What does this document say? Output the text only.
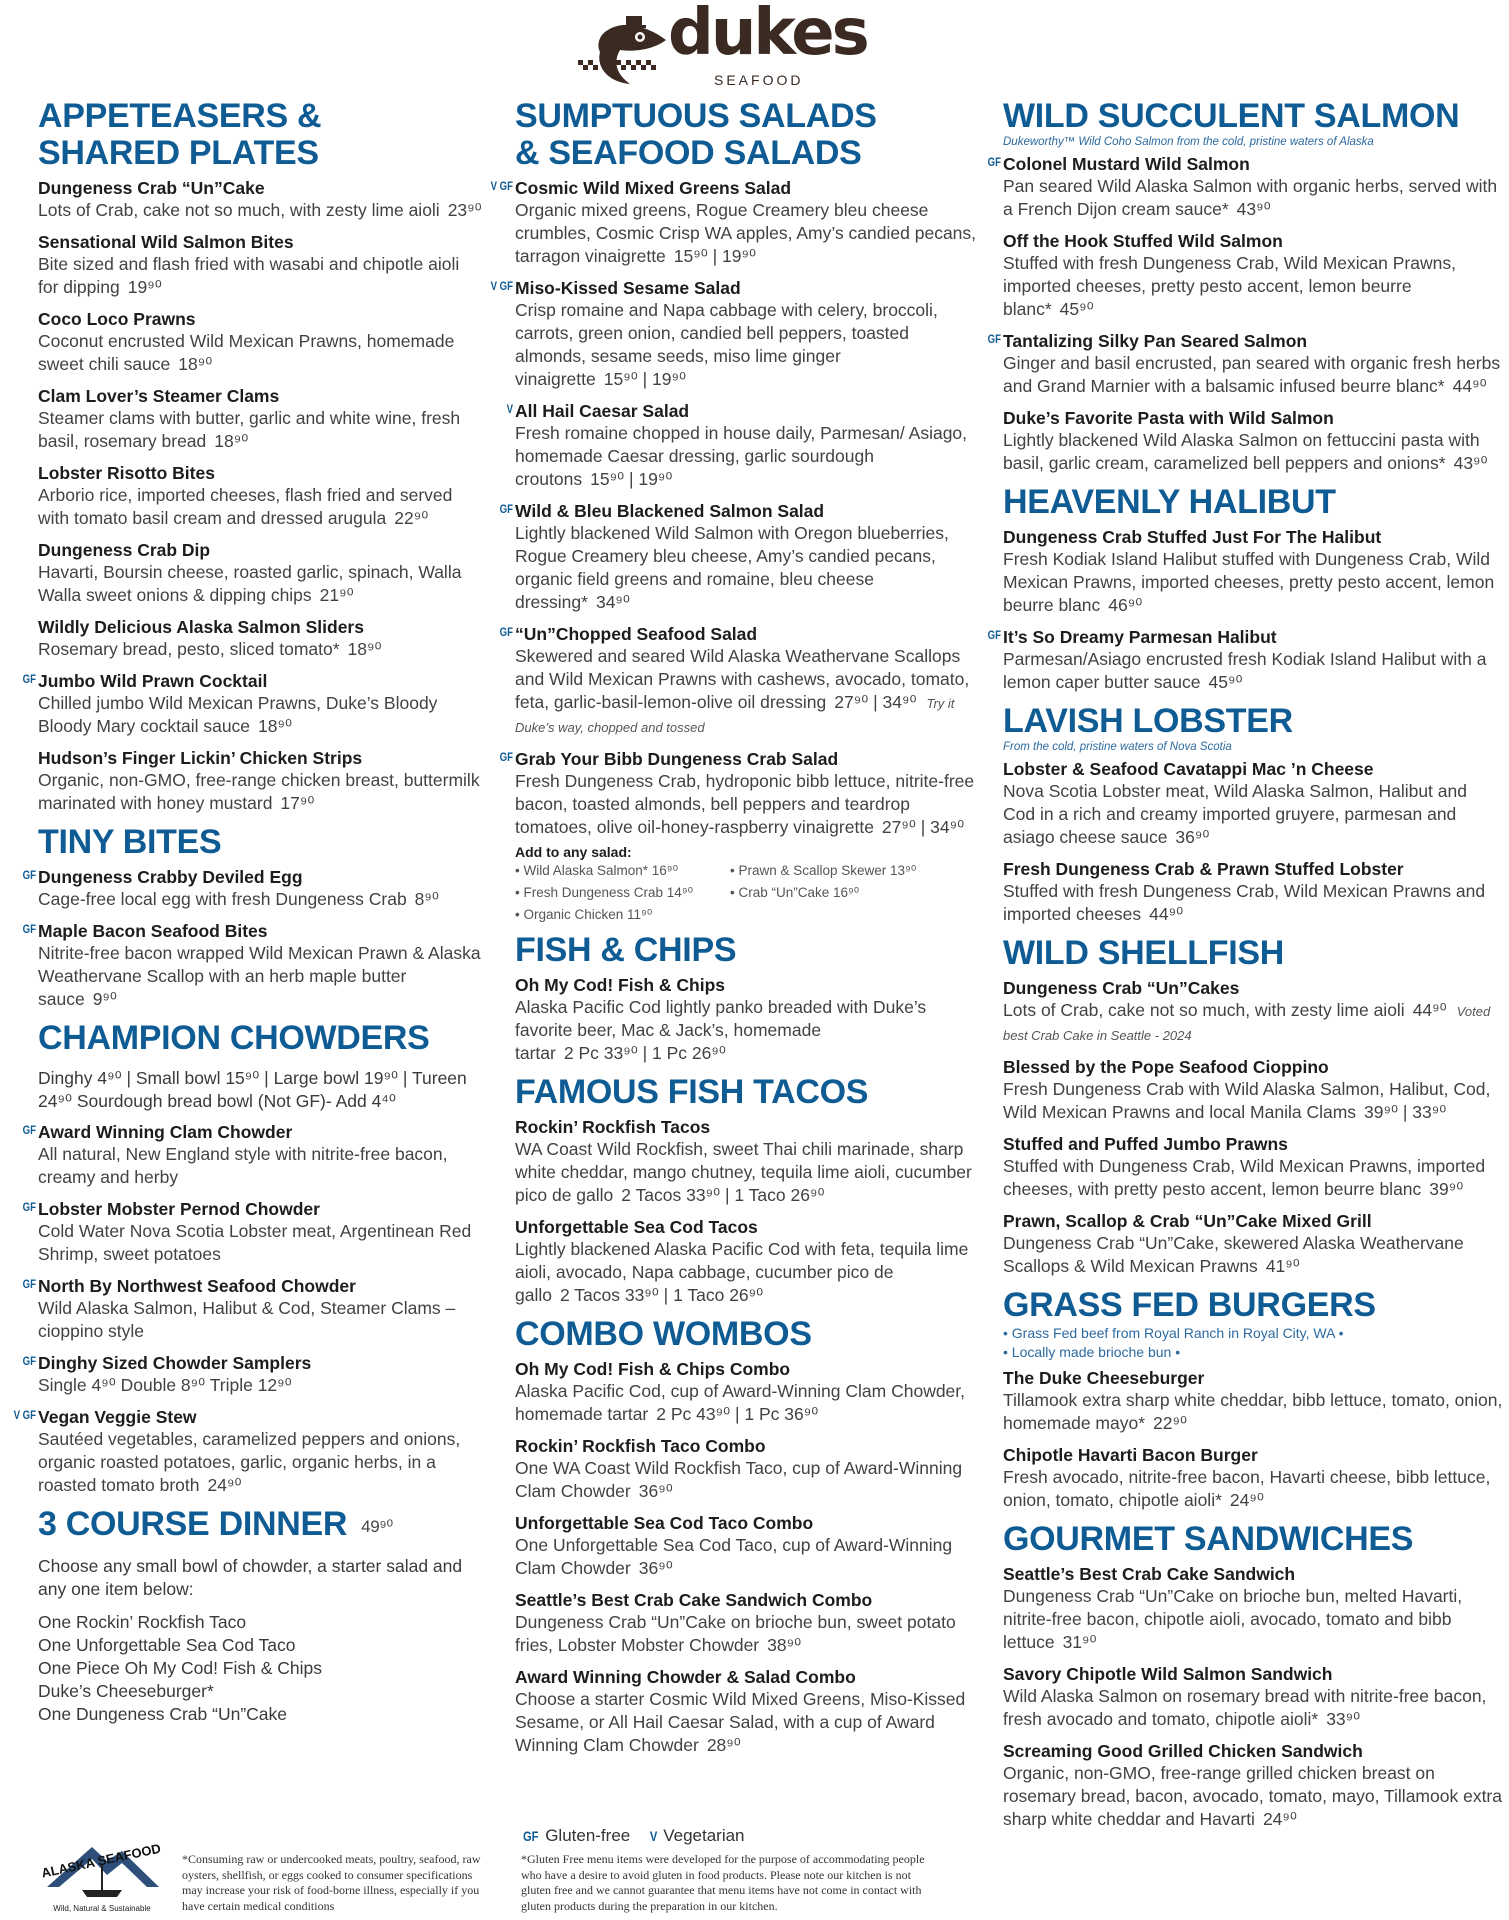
dukes
SEAFOOD
APPETEASERS &
SHARED PLATES
Dungeness Crab “Un”Cake
Lots of Crab, cake not so much, with zesty lime aioli 23⁹⁰
Sensational Wild Salmon Bites
Bite sized and flash fried with wasabi and chipotle aioli for dipping 19⁹⁰
Coco Loco Prawns
Coconut encrusted Wild Mexican Prawns, homemade sweet chili sauce 18⁹⁰
Clam Lover’s Steamer Clams
Steamer clams with butter, garlic and white wine, fresh basil, rosemary bread 18⁹⁰
Lobster Risotto Bites
Arborio rice, imported cheeses, flash fried and served with tomato basil cream and dressed arugula 22⁹⁰
Dungeness Crab Dip
Havarti, Boursin cheese, roasted garlic, spinach, Walla Walla sweet onions & dipping chips 21⁹⁰
Wildly Delicious Alaska Salmon Sliders
Rosemary bread, pesto, sliced tomato* 18⁹⁰
GF Jumbo Wild Prawn Cocktail
Chilled jumbo Wild Mexican Prawns, Duke’s Bloody Bloody Mary cocktail sauce 18⁹⁰
Hudson’s Finger Lickin’ Chicken Strips
Organic, non-GMO, free-range chicken breast, buttermilk marinated with honey mustard 17⁹⁰
TINY BITES
GF Dungeness Crabby Deviled Egg
Cage-free local egg with fresh Dungeness Crab 8⁹⁰
GF Maple Bacon Seafood Bites
Nitrite-free bacon wrapped Wild Mexican Prawn & Alaska Weathervane Scallop with an herb maple butter sauce 9⁹⁰
CHAMPION CHOWDERS
Dinghy 4⁹⁰ | Small bowl 15⁹⁰ | Large bowl 19⁹⁰ | Tureen 24⁹⁰ Sourdough bread bowl (Not GF)- Add 4⁴⁰
GF Award Winning Clam Chowder
All natural, New England style with nitrite-free bacon, creamy and herby
GF Lobster Mobster Pernod Chowder
Cold Water Nova Scotia Lobster meat, Argentinean Red Shrimp, sweet potatoes
GF North By Northwest Seafood Chowder
Wild Alaska Salmon, Halibut & Cod, Steamer Clams – cioppino style
GF Dinghy Sized Chowder Samplers
Single 4⁹⁰ Double 8⁹⁰ Triple 12⁹⁰
V GF Vegan Veggie Stew
Sautéed vegetables, caramelized peppers and onions, organic roasted potatoes, garlic, organic herbs, in a roasted tomato broth 24⁹⁰
3 COURSE DINNER 49⁹⁰
Choose any small bowl of chowder, a starter salad and any one item below:
One Rockin’ Rockfish Taco
One Unforgettable Sea Cod Taco
One Piece Oh My Cod! Fish & Chips
Duke’s Cheeseburger*
One Dungeness Crab “Un”Cake
SUMPTUOUS SALADS
& SEAFOOD SALADS
V GF Cosmic Wild Mixed Greens Salad
Organic mixed greens, Rogue Creamery bleu cheese crumbles, Cosmic Crisp WA apples, Amy’s candied pecans, tarragon vinaigrette 15⁹⁰ | 19⁹⁰
V GF Miso-Kissed Sesame Salad
Crisp romaine and Napa cabbage with celery, broccoli, carrots, green onion, candied bell peppers, toasted almonds, sesame seeds, miso lime ginger vinaigrette 15⁹⁰ | 19⁹⁰
V All Hail Caesar Salad
Fresh romaine chopped in house daily, Parmesan/ Asiago, homemade Caesar dressing, garlic sourdough croutons 15⁹⁰ | 19⁹⁰
GF Wild & Bleu Blackened Salmon Salad
Lightly blackened Wild Salmon with Oregon blueberries, Rogue Creamery bleu cheese, Amy’s candied pecans, organic field greens and romaine, bleu cheese dressing* 34⁹⁰
GF “Un”Chopped Seafood Salad
Skewered and seared Wild Alaska Weathervane Scallops and Wild Mexican Prawns with cashews, avocado, tomato, feta, garlic-basil-lemon-olive oil dressing 27⁹⁰ | 34⁹⁰ Try it Duke’s way, chopped and tossed
GF Grab Your Bibb Dungeness Crab Salad
Fresh Dungeness Crab, hydroponic bibb lettuce, nitrite-free bacon, toasted almonds, bell peppers and teardrop tomatoes, olive oil-honey-raspberry vinaigrette 27⁹⁰ | 34⁹⁰
Add to any salad:
• Wild Alaska Salmon* 16⁹⁰	• Prawn & Scallop Skewer 13⁹⁰
• Fresh Dungeness Crab 14⁹⁰	• Crab “Un”Cake 16⁹⁰
• Organic Chicken 11⁹⁰
FISH & CHIPS
Oh My Cod! Fish & Chips
Alaska Pacific Cod lightly panko breaded with Duke’s favorite beer, Mac & Jack’s, homemade tartar 2 Pc 33⁹⁰ | 1 Pc 26⁹⁰
FAMOUS FISH TACOS
Rockin’ Rockfish Tacos
WA Coast Wild Rockfish, sweet Thai chili marinade, sharp white cheddar, mango chutney, tequila lime aioli, cucumber pico de gallo 2 Tacos 33⁹⁰ | 1 Taco 26⁹⁰
Unforgettable Sea Cod Tacos
Lightly blackened Alaska Pacific Cod with feta, tequila lime aioli, avocado, Napa cabbage, cucumber pico de gallo 2 Tacos 33⁹⁰ | 1 Taco 26⁹⁰
COMBO WOMBOS
Oh My Cod! Fish & Chips Combo
Alaska Pacific Cod, cup of Award-Winning Clam Chowder, homemade tartar 2 Pc 43⁹⁰ | 1 Pc 36⁹⁰
Rockin’ Rockfish Taco Combo
One WA Coast Wild Rockfish Taco, cup of Award-Winning Clam Chowder 36⁹⁰
Unforgettable Sea Cod Taco Combo
One Unforgettable Sea Cod Taco, cup of Award-Winning Clam Chowder 36⁹⁰
Seattle’s Best Crab Cake Sandwich Combo
Dungeness Crab “Un”Cake on brioche bun, sweet potato fries, Lobster Mobster Chowder 38⁹⁰
Award Winning Chowder & Salad Combo
Choose a starter Cosmic Wild Mixed Greens, Miso-Kissed Sesame, or All Hail Caesar Salad, with a cup of Award Winning Clam Chowder 28⁹⁰
WILD SUCCULENT SALMON
Dukeworthy™ Wild Coho Salmon from the cold, pristine waters of Alaska
GF Colonel Mustard Wild Salmon
Pan seared Wild Alaska Salmon with organic herbs, served with a French Dijon cream sauce* 43⁹⁰
Off the Hook Stuffed Wild Salmon
Stuffed with fresh Dungeness Crab, Wild Mexican Prawns, imported cheeses, pretty pesto accent, lemon beurre blanc* 45⁹⁰
GF Tantalizing Silky Pan Seared Salmon
Ginger and basil encrusted, pan seared with organic fresh herbs and Grand Marnier with a balsamic infused beurre blanc* 44⁹⁰
Duke’s Favorite Pasta with Wild Salmon
Lightly blackened Wild Alaska Salmon on fettuccini pasta with basil, garlic cream, caramelized bell peppers and onions* 43⁹⁰
HEAVENLY HALIBUT
Dungeness Crab Stuffed Just For The Halibut
Fresh Kodiak Island Halibut stuffed with Dungeness Crab, Wild Mexican Prawns, imported cheeses, pretty pesto accent, lemon beurre blanc 46⁹⁰
GF It’s So Dreamy Parmesan Halibut
Parmesan/Asiago encrusted fresh Kodiak Island Halibut with a lemon caper butter sauce 45⁹⁰
LAVISH LOBSTER
From the cold, pristine waters of Nova Scotia
Lobster & Seafood Cavatappi Mac ’n Cheese
Nova Scotia Lobster meat, Wild Alaska Salmon, Halibut and Cod in a rich and creamy imported gruyere, parmesan and asiago cheese sauce 36⁹⁰
Fresh Dungeness Crab & Prawn Stuffed Lobster
Stuffed with fresh Dungeness Crab, Wild Mexican Prawns and imported cheeses 44⁹⁰
WILD SHELLFISH
Dungeness Crab “Un”Cakes
Lots of Crab, cake not so much, with zesty lime aioli 44⁹⁰ Voted best Crab Cake in Seattle - 2024
Blessed by the Pope Seafood Cioppino
Fresh Dungeness Crab with Wild Alaska Salmon, Halibut, Cod, Wild Mexican Prawns and local Manila Clams 39⁹⁰ | 33⁹⁰
Stuffed and Puffed Jumbo Prawns
Stuffed with Dungeness Crab, Wild Mexican Prawns, imported cheeses, with pretty pesto accent, lemon beurre blanc 39⁹⁰
Prawn, Scallop & Crab “Un”Cake Mixed Grill
Dungeness Crab “Un”Cake, skewered Alaska Weathervane Scallops & Wild Mexican Prawns 41⁹⁰
GRASS FED BURGERS
• Grass Fed beef from Royal Ranch in Royal City, WA •
• Locally made brioche bun •
The Duke Cheeseburger
Tillamook extra sharp white cheddar, bibb lettuce, tomato, onion, homemade mayo* 22⁹⁰
Chipotle Havarti Bacon Burger
Fresh avocado, nitrite-free bacon, Havarti cheese, bibb lettuce, onion, tomato, chipotle aioli* 24⁹⁰
GOURMET SANDWICHES
Seattle’s Best Crab Cake Sandwich
Dungeness Crab “Un”Cake on brioche bun, melted Havarti, nitrite-free bacon, chipotle aioli, avocado, tomato and bibb lettuce 31⁹⁰
Savory Chipotle Wild Salmon Sandwich
Wild Alaska Salmon on rosemary bread with nitrite-free bacon, fresh avocado and tomato, chipotle aioli* 33⁹⁰
Screaming Good Grilled Chicken Sandwich
Organic, non-GMO, free-range grilled chicken breast on rosemary bread, bacon, avocado, tomato, mayo, Tillamook extra sharp white cheddar and Havarti 24⁹⁰
ALASKA SEAFOOD
Wild, Natural & Sustainable
*Consuming raw or undercooked meats, poultry, seafood, raw oysters, shellfish, or eggs cooked to consumer specifications may increase your risk of food-borne illness, especially if you have certain medical conditions
GF Gluten-free V Vegetarian
*Gluten Free menu items were developed for the purpose of accommodating people who have a desire to avoid gluten in food products. Please note our kitchen is not gluten free and we cannot guarantee that menu items have not come in contact with gluten products during the preparation in our kitchen.
